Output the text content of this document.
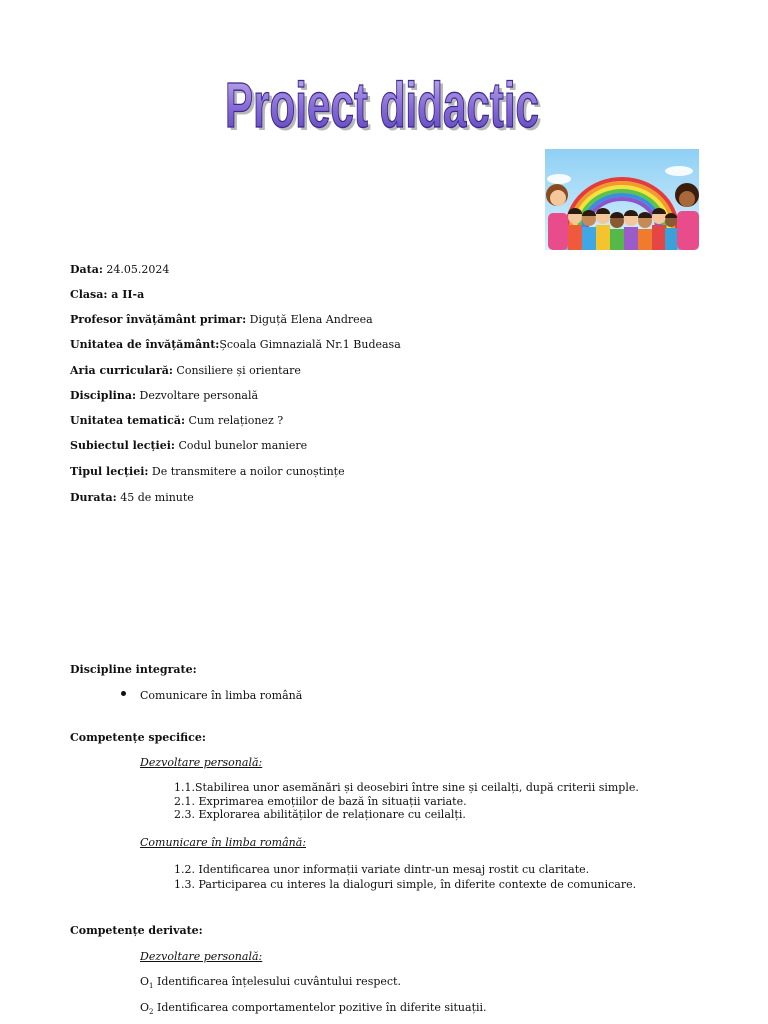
Proiect didactic
Proiect didactic
Data: 24.05.2024
Clasa: a II-a
Profesor învățământ primar: Diguță Elena Andreea
Unitatea de învățământ:Școala Gimnazială Nr.1 Budeasa
Aria curriculară: Consiliere și orientare
Disciplina: Dezvoltare personală
Unitatea tematică: Cum relaționez ?
Subiectul lecției: Codul bunelor maniere
Tipul lecției: De transmitere a noilor cunoștințe
Durata: 45 de minute
Discipline integrate:
Comunicare în limba română
Competențe specifice:
Dezvoltare personală:
1.1.Stabilirea unor asemănări și deosebiri între sine și ceilalți, după criterii simple.
2.1. Exprimarea emoțiilor de bază în situații variate.
2.3. Explorarea abilităților de relaționare cu ceilalți.
Comunicare în limba română:
1.2. Identificarea unor informații variate dintr-un mesaj rostit cu claritate.
1.3. Participarea cu interes la dialoguri simple, în diferite contexte de comunicare.
Competențe derivate:
Dezvoltare personală:
$O_1$ Identificarea înțelesului cuvântului respect.
$O_2$ Identificarea comportamentelor pozitive în diferite situații.
